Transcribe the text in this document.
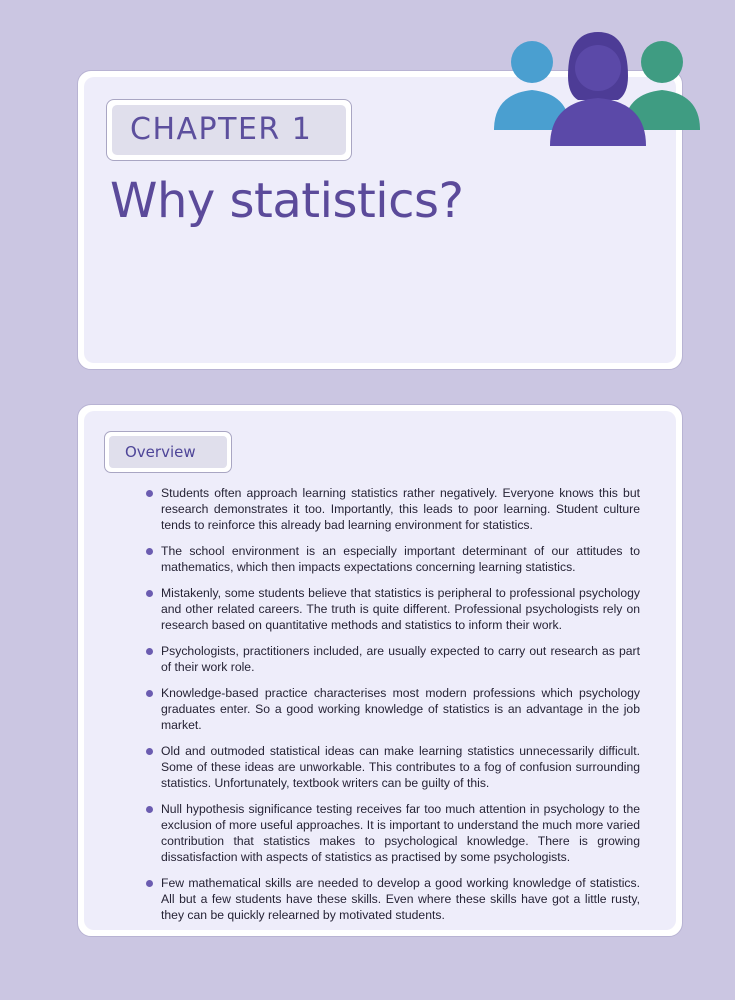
CHAPTER 1
Why statistics?
Overview
Students often approach learning statistics rather negatively. Everyone knows this but research demonstrates it too. Importantly, this leads to poor learning. Student culture tends to reinforce this already bad learning environment for statistics.
The school environment is an especially important determinant of our attitudes to mathematics, which then impacts expectations concerning learning statistics.
Mistakenly, some students believe that statistics is peripheral to professional psychology and other related careers. The truth is quite different. Professional psychologists rely on research based on quantitative methods and statistics to inform their work.
Psychologists, practitioners included, are usually expected to carry out research as part of their work role.
Knowledge-based practice characterises most modern professions which psychology graduates enter. So a good working knowledge of statistics is an advantage in the job market.
Old and outmoded statistical ideas can make learning statistics unnecessarily difficult. Some of these ideas are unworkable. This contributes to a fog of confusion surrounding statistics. Unfortunately, textbook writers can be guilty of this.
Null hypothesis significance testing receives far too much attention in psychology to the exclusion of more useful approaches. It is important to understand the much more varied contribution that statistics makes to psychological knowledge. There is growing dissatisfaction with aspects of statistics as practised by some psychologists.
Few mathematical skills are needed to develop a good working knowledge of statistics. All but a few students have these skills. Even where these skills have got a little rusty, they can be quickly relearned by motivated students.
